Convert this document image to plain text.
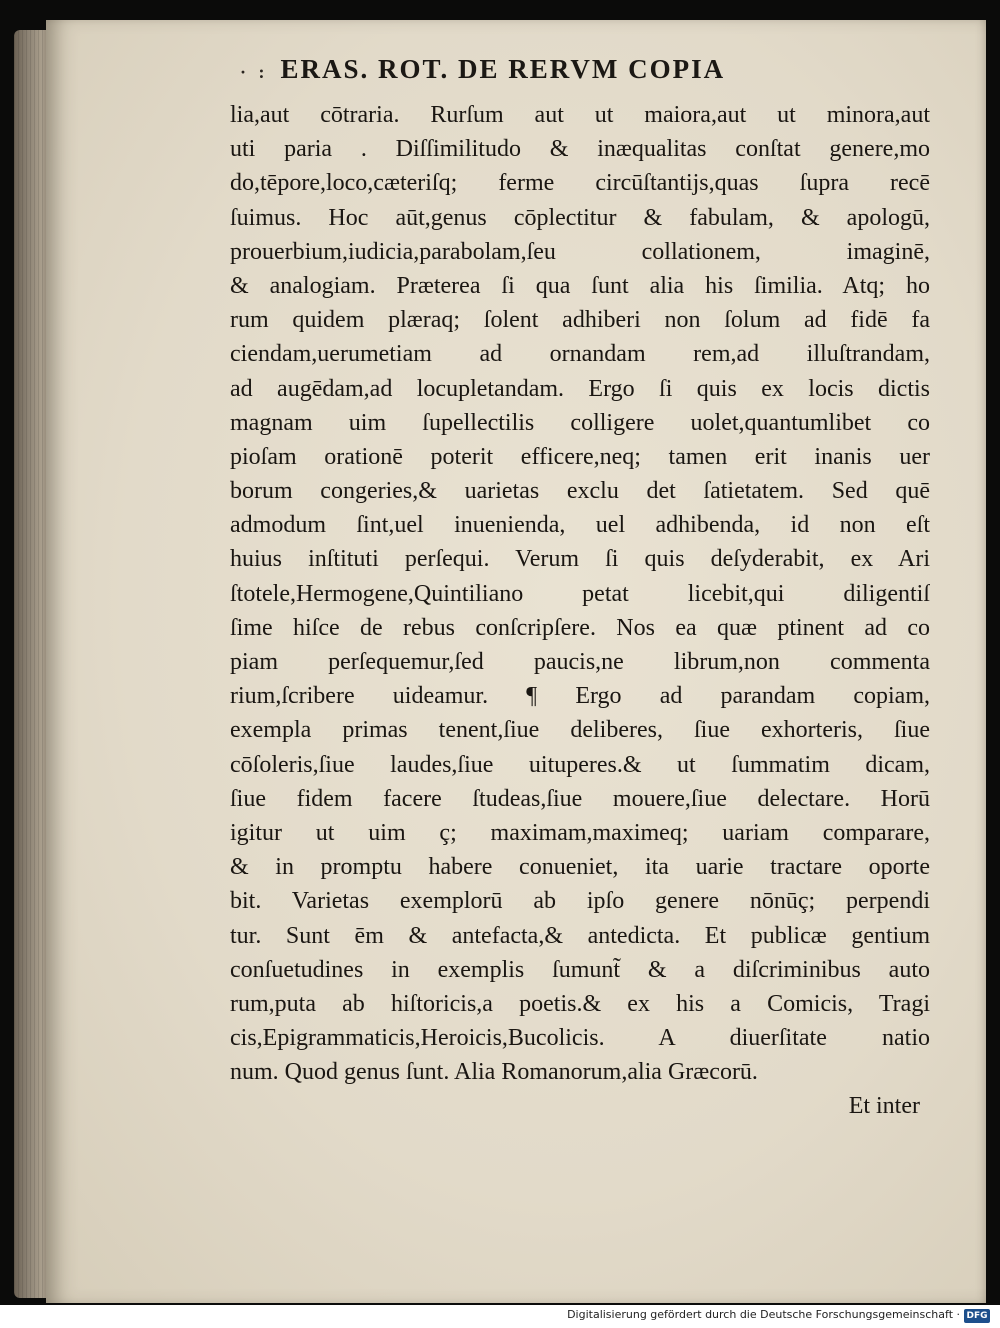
· : ERAS. ROT. DE RERVM COPIA
lia,aut cōtraria. Rurſum aut ut maiora,aut ut minora,aut
uti paria . Diſſimilitudo & inæqualitas conſtat genere,mo
do,tēpore,loco,cæteriſq; ferme circūſtantijs,quas ſupra recē
ſuimus. Hoc aūt,genus cōplectitur & fabulam, & apologū,
prouerbium,iudicia,parabolam,ſeu collationem, imaginē,
& analogiam. Præterea ſi qua ſunt alia his ſimilia. Atq; ho
rum quidem plæraq; ſolent adhiberi non ſolum ad fidē fa
ciendam,uerumetiam ad ornandam rem,ad illuſtrandam,
ad augēdam,ad locupletandam. Ergo ſi quis ex locis dictis
magnam uim ſupellectilis colligere uolet,quantumlibet co
pioſam orationē poterit efficere,neq; tamen erit inanis uer
borum congeries,& uarietas exclu det ſatietatem. Sed quē
admodum ſint,uel inuenienda, uel adhibenda, id non eſt
huius inſtituti perſequi. Verum ſi quis deſyderabit, ex Ari
ſtotele,Hermogene,Quintiliano petat licebit,qui diligentiſ
ſime hiſce de rebus conſcripſere. Nos ea quæ ptinent ad co
piam perſequemur,ſed paucis,ne librum,non commenta
rium,ſcribere uideamur. ¶ Ergo ad parandam copiam,
exempla primas tenent,ſiue deliberes, ſiue exhorteris, ſiue
cōſoleris,ſiue laudes,ſiue uituperes.& ut ſummatim dicam,
ſiue fidem facere ſtudeas,ſiue mouere,ſiue delectare. Horū
igitur ut uim ç; maximam,maximeq; uariam comparare,
& in promptu habere conueniet, ita uarie tractare oporte
bit. Varietas exemplorū ab ipſo genere nōnūç; perpendi
tur. Sunt ēm & antefacta,& antedicta. Et publicæ gentium
conſuetudines in exemplis ſumunt̃ & a diſcriminibus auto
rum,puta ab hiſtoricis,a poetis.& ex his a Comicis, Tragi
cis,Epigrammaticis,Heroicis,Bucolicis. A diuerſitate natio
num. Quod genus ſunt. Alia Romanorum,alia Græcorū.
Et inter
Digitalisierung gefördert durch die Deutsche Forschungsgemeinschaft · DFG
